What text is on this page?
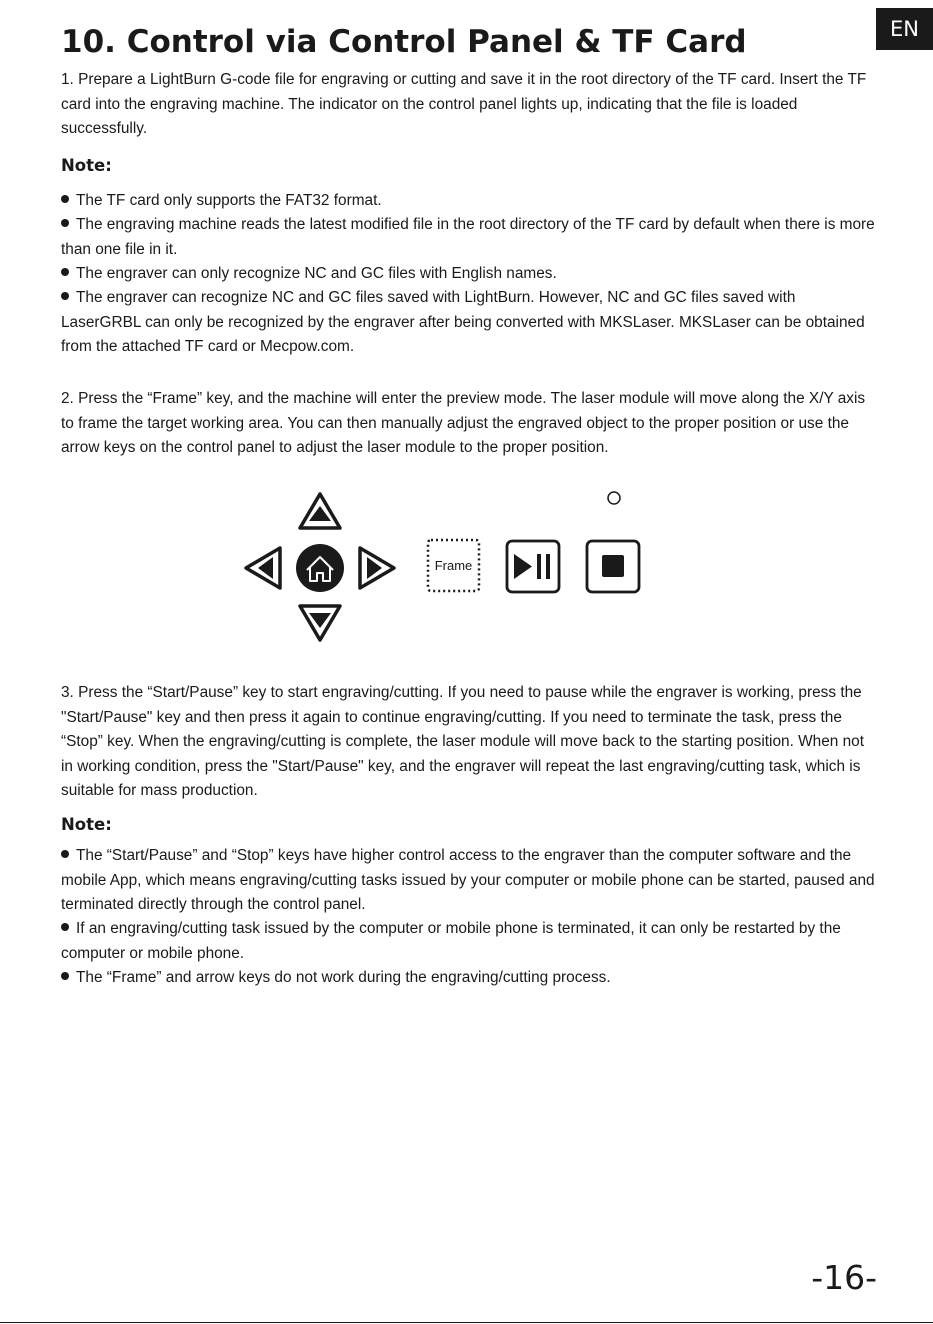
EN
10. Control via Control Panel & TF Card

1. Prepare a LightBurn G-code file for engraving or cutting and save it in the root directory of the TF card. Insert the TF card into the engraving machine. The indicator on the control panel lights up, indicating that the file is loaded successfully.

Note:

The TF card only supports the FAT32 format.

The engraving machine reads the latest modified file in the root directory of the TF card by default when there is more than one file in it.

The engraver can only recognize NC and GC files with English names.

The engraver can recognize NC and GC files saved with LightBurn. However, NC and GC files saved with LaserGRBL can only be recognized by the engraver after being converted with MKSLaser. MKSLaser can be obtained from the attached TF card or Mecpow.com.

2. Press the “Frame” key, and the machine will enter the preview mode. The laser module will move along the X/Y axis to frame the target working area. You can then manually adjust the engraved object to the proper position or use the arrow keys on the control panel to adjust the laser module to the proper position.

Frame

3. Press the “Start/Pause” key to start engraving/cutting. If you need to pause while the engraver is working, press the "Start/Pause" key and then press it again to continue engraving/cutting. If you need to terminate the task, press the “Stop” key. When the engraving/cutting is complete, the laser module will move back to the starting position. When not in working condition, press the "Start/Pause" key, and the engraver will repeat the last engraving/cutting task, which is suitable for mass production.

Note:

The “Start/Pause” and “Stop” keys have higher control access to the engraver than the computer software and the mobile App, which means engraving/cutting tasks issued by your computer or mobile phone can be started, paused and terminated directly through the control panel.

If an engraving/cutting task issued by the computer or mobile phone is terminated, it can only be restarted by the computer or mobile phone.

The “Frame” and arrow keys do not work during the engraving/cutting process.

-16-
